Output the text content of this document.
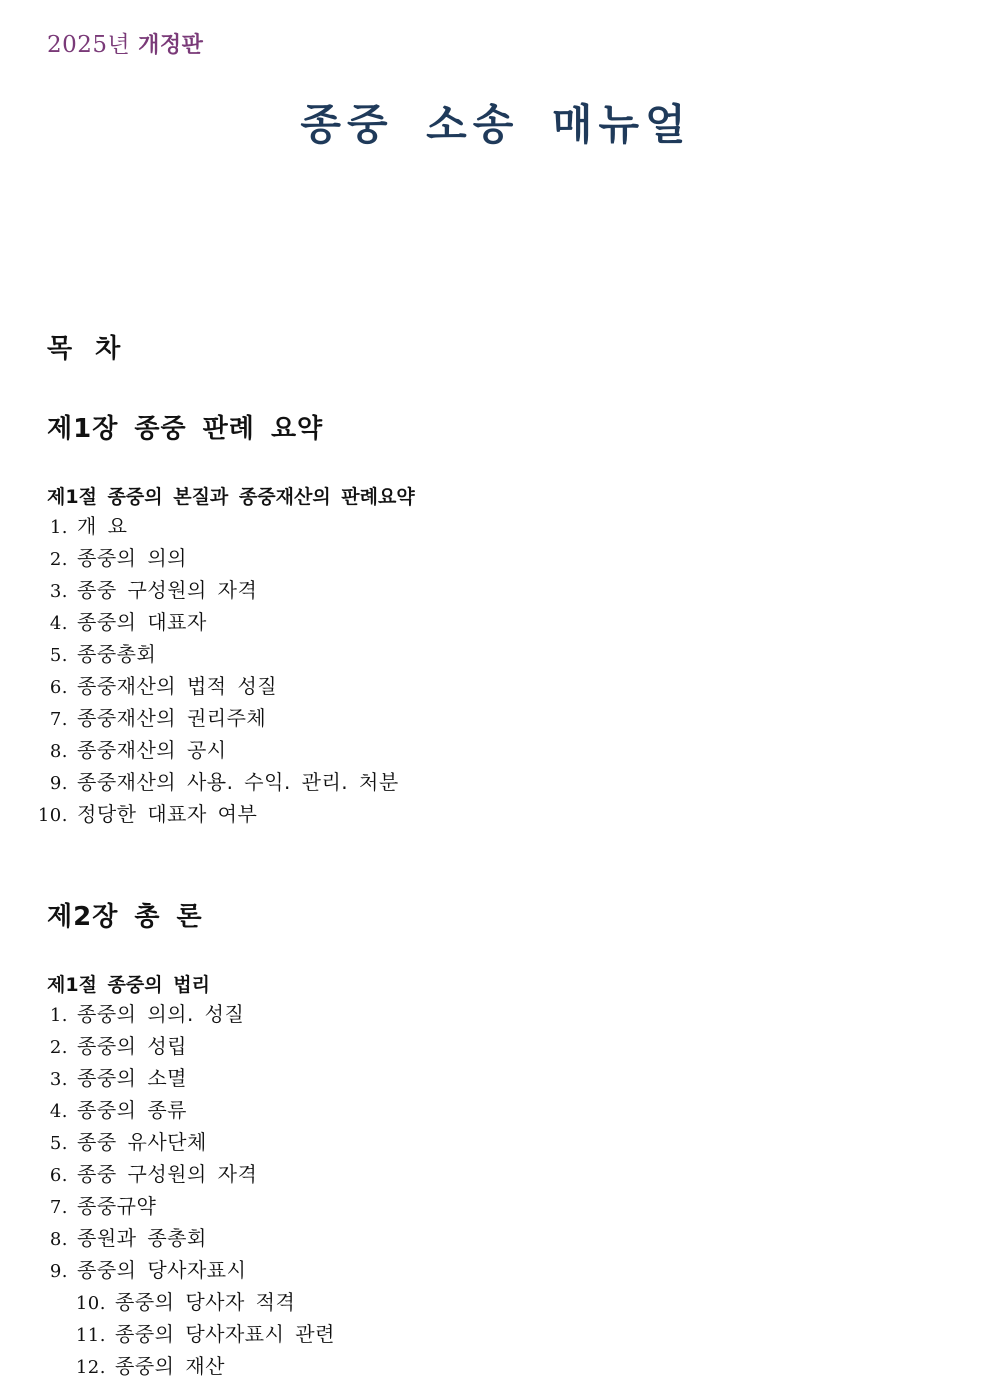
2025년 개정판
종중 소송 매뉴얼
목 차
제1장 종중 판례 요약
제1절 종중의 본질과 종중재산의 판례요약
1. 개 요
2. 종중의 의의
3. 종중 구성원의 자격
4. 종중의 대표자
5. 종중총회
6. 종중재산의 법적 성질
7. 종중재산의 권리주체
8. 종중재산의 공시
9. 종중재산의 사용. 수익. 관리. 처분
10. 정당한 대표자 여부
제2장 총 론
제1절 종중의 법리
1. 종중의 의의. 성질
2. 종중의 성립
3. 종중의 소멸
4. 종중의 종류
5. 종중 유사단체
6. 종중 구성원의 자격
7. 종중규약
8. 종원과 종총회
9. 종중의 당사자표시
10. 종중의 당사자 적격
11. 종중의 당사자표시 관련
12. 종중의 재산
